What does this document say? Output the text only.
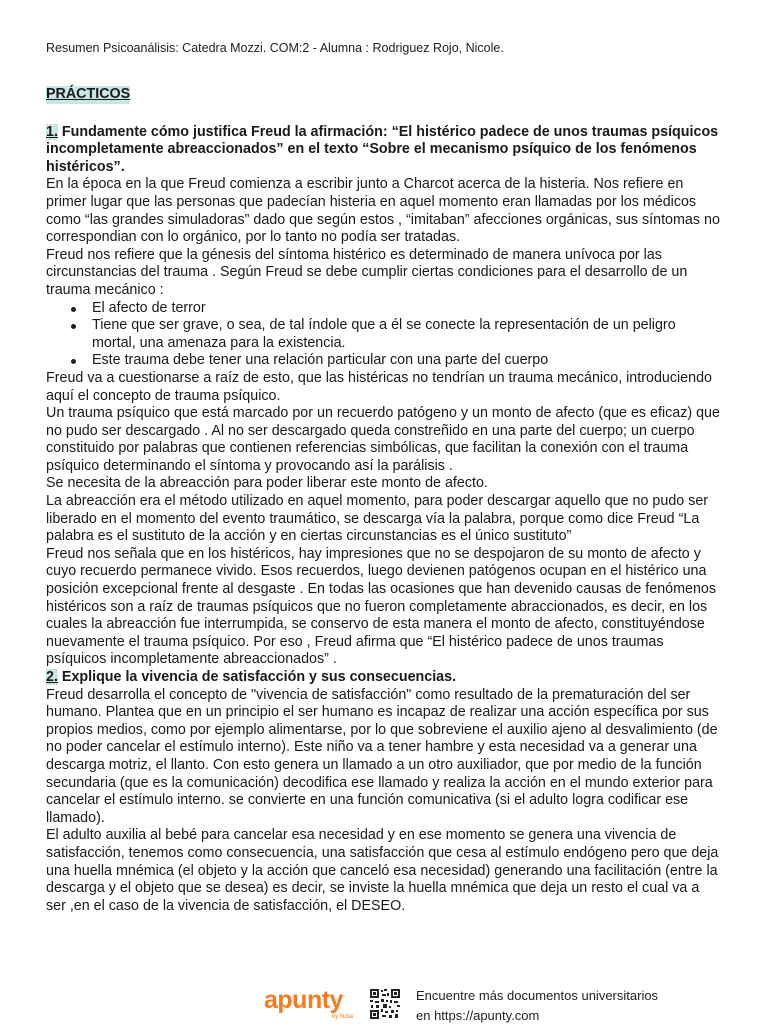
Resumen Psicoanálisis: Catedra Mozzi. COM:2 - Alumna : Rodriguez Rojo, Nicole.
PRÁCTICOS

1. Fundamente cómo justifica Freud la afirmación: “El histérico padece de unos traumas psíquicos incompletamente abreaccionados” en el texto “Sobre el mecanismo psíquico de los fenómenos histéricos”.

En la época en la que Freud comienza a escribir junto a Charcot acerca de la histeria. Nos refiere en primer lugar que las personas que padecían histeria en aquel momento eran llamadas por los médicos como “las grandes simuladoras” dado que según estos , “imitaban” afecciones orgánicas, sus síntomas no correspondian con lo orgánico, por lo tanto no podía ser tratadas.

Freud nos refiere que la génesis del síntoma histérico es determinado de manera unívoca por las circunstancias del trauma . Según Freud se debe cumplir ciertas condiciones para el desarrollo de un trauma mecánico :

El afecto de terror
Tiene que ser grave, o sea, de tal índole que a él se conecte la representación de un peligro mortal, una amenaza para la existencia.
Este trauma debe tener una relación particular con una parte del cuerpo

Freud va a cuestionarse a raíz de esto, que las histéricas no tendrían un trauma mecánico, introduciendo aquí el concepto de trauma psíquico.

Un trauma psíquico que está marcado por un recuerdo patógeno y un monto de afecto (que es eficaz) que no pudo ser descargado . Al no ser descargado queda constreñido en una parte del cuerpo; un cuerpo constituido por palabras que contienen referencias simbólicas, que facilitan la conexión con el trauma psíquico determinando el síntoma y provocando así la parálisis .

Se necesita de la abreacción para poder liberar este monto de afecto.

La abreacción era el método utilizado en aquel momento, para poder descargar aquello que no pudo ser liberado en el momento del evento traumático, se descarga vía la palabra, porque como dice Freud “La palabra es el sustituto de la acción y en ciertas circunstancias es el único sustituto”

Freud nos señala que en los histéricos, hay impresiones que no se despojaron de su monto de afecto y cuyo recuerdo permanece vivido. Esos recuerdos, luego devienen patógenos ocupan en el histérico una posición excepcional frente al desgaste . En todas las ocasiones que han devenido causas de fenómenos histéricos son a raíz de traumas psíquicos que no fueron completamente abraccionados, es decir, en los cuales la abreacción fue interrumpida, se conservo de esta manera el monto de afecto, constituyéndose nuevamente el trauma psíquico. Por eso , Freud afirma que “El histérico padece de unos traumas psíquicos incompletamente abreaccionados” .

2. Explique la vivencia de satisfacción y sus consecuencias.

Freud desarrolla el concepto de "vivencia de satisfacción" como resultado de la prematuración del ser humano. Plantea que en un principio el ser humano es incapaz de realizar una acción específica por sus propios medios, como por ejemplo alimentarse, por lo que sobreviene el auxilio ajeno al desvalimiento (de no poder cancelar el estímulo interno). Este niño va a tener hambre y esta necesidad va a generar una descarga motriz, el llanto. Con esto genera un llamado a un otro auxiliador, que por medio de la función secundaria (que es la comunicación) decodifica ese llamado y realiza la acción en el mundo exterior para cancelar el estímulo interno. se convierte en una función comunicativa (si el adulto logra codificar ese llamado).

El adulto auxilia al bebé para cancelar esa necesidad y en ese momento se genera una vivencia de satisfacción, tenemos como consecuencia, una satisfacción que cesa al estímulo endógeno pero que deja una huella mnémica (el objeto y la acción que canceló esa necesidad) generando una facilitación (entre la descarga y el objeto que se desea) es decir, se inviste la huella mnémica que deja un resto el cual va a ser ,en el caso de la vivencia de satisfacción, el DESEO.

apunty
by fiuba
Encuentre más documentos universitarios
en https://apunty.com
